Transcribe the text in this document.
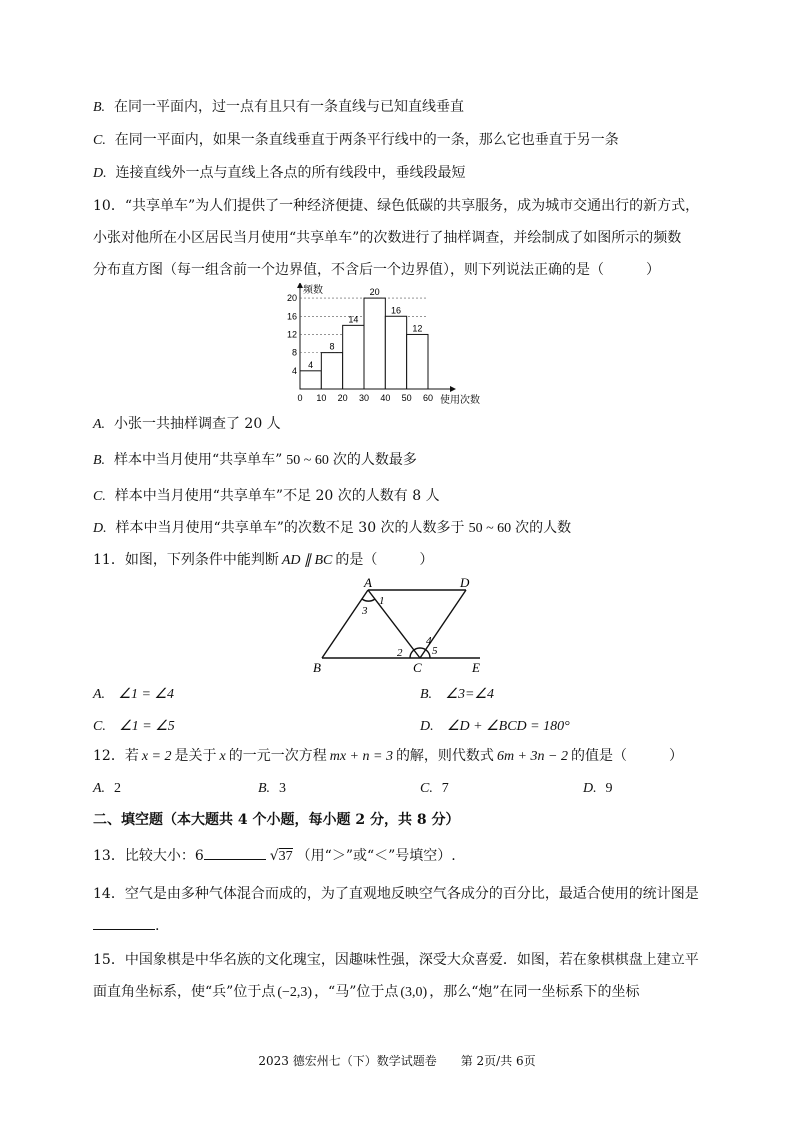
B. 在同一平面内，过一点有且只有一条直线与已知直线垂直
C. 在同一平面内，如果一条直线垂直于两条平行线中的一条，那么它也垂直于另一条
D. 连接直线外一点与直线上各点的所有线段中，垂线段最短
10．“共享单车”为人们提供了一种经济便捷、绿色低碳的共享服务，成为城市交通出行的新方式，
小张对他所在小区居民当月使用“共享单车”的次数进行了抽样调查，并绘制成了如图所示的频数
分布直方图（每一组含前一个边界值，不含后一个边界值），则下列说法正确的是（	）
4
8
12
16
20
4
8
14
20
16
12
0 10 20 30 40 50 60
频数
使用次数
A. 小张一共抽样调查了 20 人
B. 样本中当月使用“共享单车” 50 ~ 60 次的人数最多
C. 样本中当月使用“共享单车”不足 20 次的人数有 8 人
D. 样本中当月使用“共享单车”的次数不足 30 次的人数多于 50 ~ 60 次的人数
11．如图，下列条件中能判断 AD ∥ BC 的是（	）
A	D
B	C	E
1
3
4
2	5
A. ∠1 = ∠4	B. ∠3=∠4
C. ∠1 = ∠5	D. ∠D + ∠BCD = 180°
12．若 x = 2 是关于 x 的一元一次方程 mx + n = 3 的解，则代数式 6m + 3n − 2 的值是（	）
A. 2	B. 3	C. 7	D. 9
二、填空题（本大题共 4 个小题，每小题 2 分，共 8 分）
13．比较大小：6	√37 （用“＞”或“＜”号填空）.
14．空气是由多种气体混合而成的，为了直观地反映空气各成分的百分比，最适合使用的统计图是
.
15．中国象棋是中华名族的文化瑰宝，因趣味性强，深受大众喜爱．如图，若在象棋棋盘上建立平
面直角坐标系，使“兵”位于点 (−2,3) ，“马”位于点 (3,0) ，那么“炮”在同一坐标系下的坐标
2023 德宏州七（下）数学试题卷　　第 2页/共 6页
